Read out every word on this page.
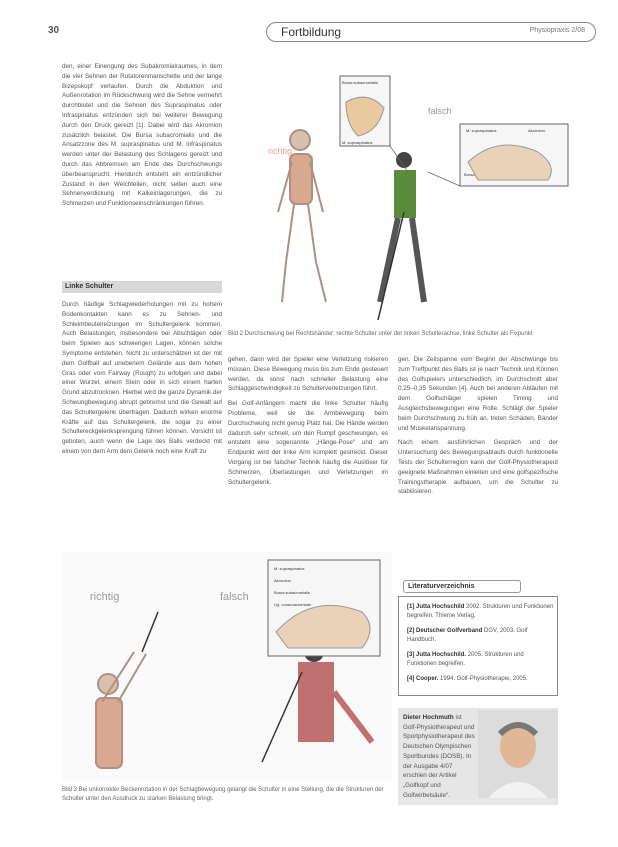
30	Fortbildung	Physiopraxis 2/08

den, einer Einengung des Subakromialraumes, in dem die vier Sehnen der Rotatorenmanschette und der lange Bizepskopf verlaufen. Durch die Abduktion und Außenrotation im Rückschwung wird die Sehne vermehrt durchblutet und die Sehnen des Supraspinatus oder Infraspinatus entzünden sich bei weiterer Bewegung durch den Druck gereizt [1]. Dabei wird das Akromion zusätzlich belastet. Die Bursa subacromialis und die Ansatzzone des M. supraspinatus und M. infraspinatus werden unter der Belastung des Schlagens gereizt und durch das Abbremsen am Ende des Durchschwungs überbeansprucht. Hierdurch entsteht ein entzündlicher Zustand in den Weichteilen, nicht selten auch eine Sehnenverdickung mit Kalkeinlagerungen, die zu Schmerzen und Funktionseinschränkungen führen.

Linke Schulter

Durch häufige Schlagwiederholungen mit zu hohem Bodenkontakten kann es zu Sehnen- und Schleimbeutelreizungen im Schultergelenk kommen. Auch Belastungen, insbesondere bei Abschlägen oder beim Spielen aus schwierigen Lagen, können solche Symptome entstehen. Nicht zu unterschätzen ist der mit dem Golfball auf unebenem Gelände aus dem hohen Gras oder vom Fairway (Rough) zu erfolgen und dabei einer Wurzel, einem Stein oder in sich einem harten Grund abzutrocknen. Hierbei wird die ganze Dynamik der Schwungbewegung abrupt gebremst und die Gewalt auf das Schultergelenk übertragen. Dadurch wirken enorme Kräfte auf das Schultergelenk, die sogar zu einer Schultereckgelenksprengung führen können. Vorsicht ist geboten, auch wenn die Lage des Balls verdeckt mit einem von dem Arm dem Gelenk noch eine Kraft zu

richtig
falsch
Bursa subacromialis
M. supraspinatus
M. supraspinatus	Akromion
Bursa
Bild 2 Durchschwung bei Rechtshänder: rechte Schulter unter der linken Schulterachse, linke Schulter als Fixpunkt

gehen, dann wird der Spieler eine Verletzung riskieren müssen. Diese Bewegung muss bis zum Ende gesteuert werden, da sonst nach schneller Belastung eine Schlaggeschwindigkeit zu Schulterverletzungen führt.

Bei Golf-Anfängern macht die linke Schulter häufig Probleme, weil sie die Armbewegung beim Durchschwung nicht genug Platz hat. Die Hände werden dadurch sehr schnell, um den Rumpf geschwungen, es entsteht eine sogenannte „Hänge-Pose“ und am Endpunkt wird der linke Arm komplett gestreckt. Dieser Vorgang ist bei falscher Technik häufig die Auslöser für Schmerzen, Überlastungen und Verletzungen im Schultergelenk.

gen. Die Zeitspanne vom Beginn der Abschwünge bis zum Treffpunkt des Balls ist je nach Technik und Können des Golfspielers unterschiedlich, im Durchschnitt aber 0,25–0,35 Sekunden [4]. Auch bei anderen Abläufen mit dem Golfschläger spielen Timing und Ausgleichsbewegungen eine Rolle. Schlägt der Spieler beim Durchschwung zu früh an, treten Schäden, Bänder und Muskelanspannung.

Nach einem ausführlichen Gespräch und der Untersuchung des Bewegungsablaufs durch funktionelle Tests der Schulterregion kann der Golf-Physiotherapeut geeignete Maßnahmen einleiten und eine golfspezifische Trainingstherapie aufbauen, um die Schulter zu stabilisieren.

richtig	falsch
M. supraspinatus
Akromion
Bursa subacromialis
Lig. coracoacromiale
Bild 3 Bei unkorrekter Beckenrotation in der Schlagbewegung gelangt die Schulter in eine Stellung, die die Strukturen der Schulter unter den Ausdruck zu starken Belastung bringt.
Literaturverzeichnis
[1] Jutta Hochschild 2002. Strukturen und Funktionen begreifen. Thieme Verlag.
[2] Deutscher Golfverband DGV, 2003. Golf Handbuch.
[3] Jutta Hochschild. 2005. Strukturen und Funktionen begreifen.
[4] Cooper. 1994. Golf-Physiotherapie, 2005.
Dieter Hochmuth ist Golf-Physiotherapeut und Sportphysiotherapeut des Deutschen Olympischen Sportbundes (DOSB). In der Ausgabe 4/07 erschien der Artikel „Golfkopf und Golfwirbelsäule“.
